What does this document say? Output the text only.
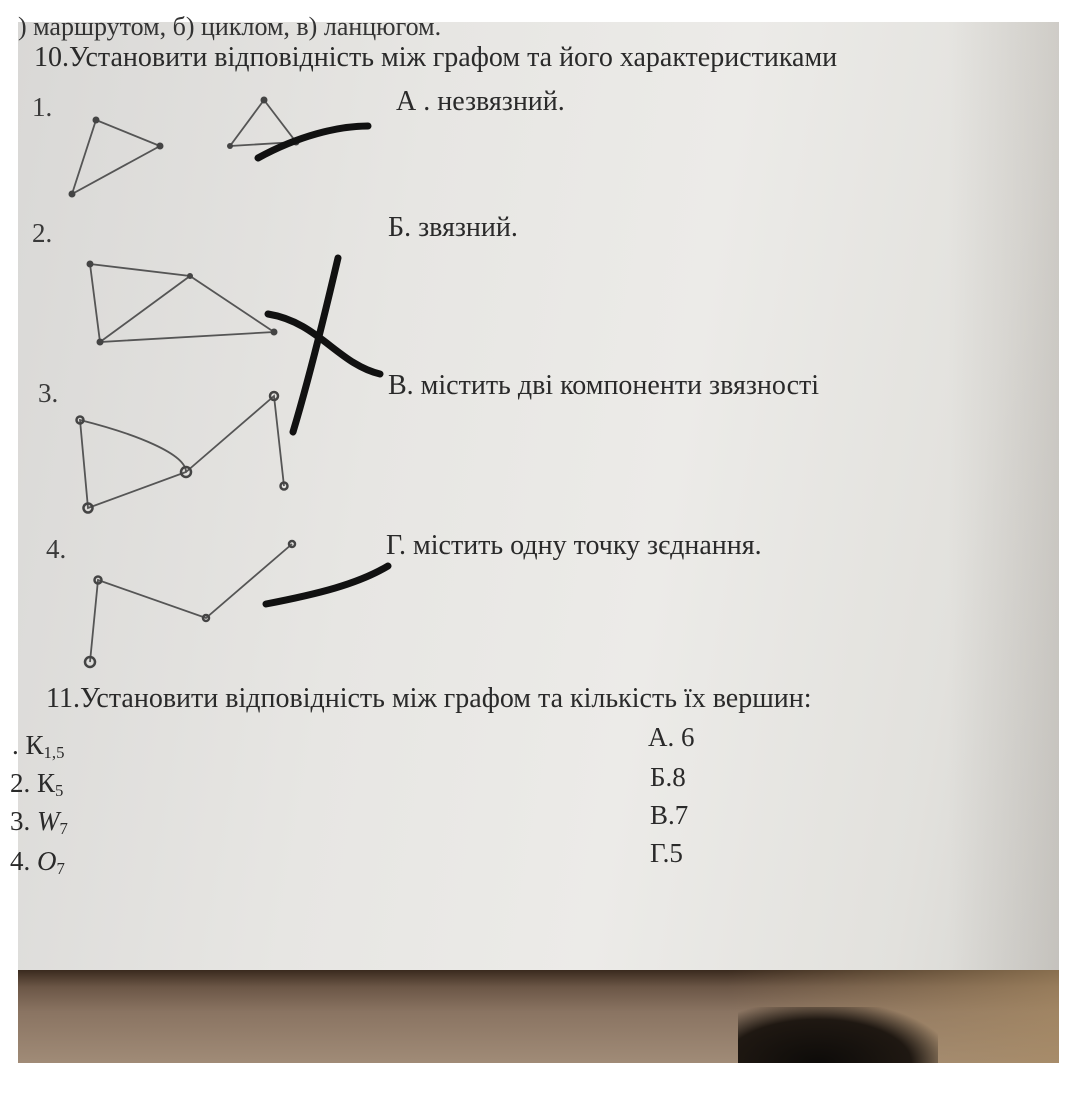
) маршрутом, б) циклом, в) ланцюгом.
10.Установити відповідність між графом та його характеристиками
1.
2.
3.
4.
А . незвязний.
Б. звязний.
В. містить дві компоненти звязності
Г. містить одну точку зєднання.
11.Установити відповідність між графом та кількість їх вершин:
. $К_{1,5}$
2. $К_5$
3. $W_7$
4. $O_7$
А. 6
Б.8
В.7
Г.5
